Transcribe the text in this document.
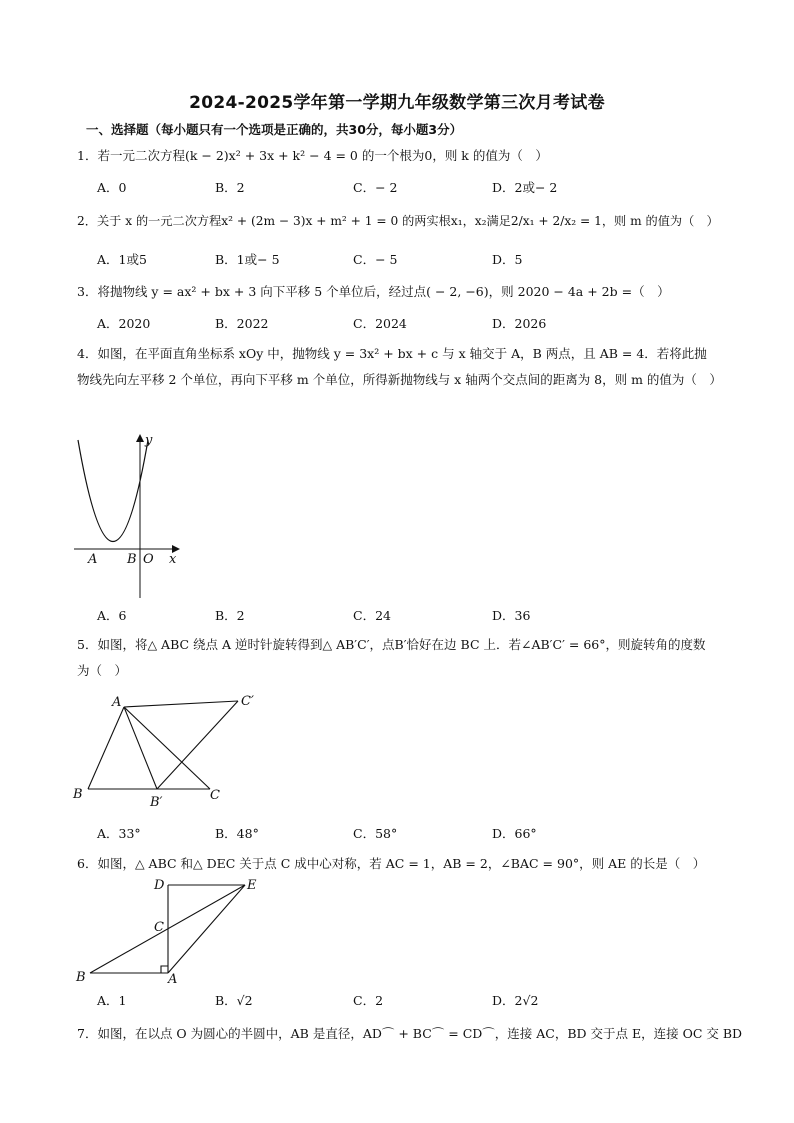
2024-2025学年第一学期九年级数学第三次月考试卷
一、选择题（每小题只有一个选项是正确的，共30分，每小题3分）
1．若一元二次方程(k − 2)x² + 3x + k² − 4 = 0 的一个根为0，则 k 的值为（　）
A．0	B．2	C．− 2	D．2或− 2
2．关于 x 的一元二次方程x² + (2m − 3)x + m² + 1 = 0 的两实根x₁，x₂满足2/x₁ + 2/x₂ = 1，则 m 的值为（　）
A．1或5	B．1或− 5	C．− 5	D．5
3．将抛物线 y = ax² + bx + 3 向下平移 5 个单位后，经过点( − 2, −6)，则 2020 − 4a + 2b =（　）
A．2020	B．2022	C．2024	D．2026
4．如图，在平面直角坐标系 xOy 中，抛物线 y = 3x² + bx + c 与 x 轴交于 A，B 两点，且 AB = 4．若将此抛物线先向左平移 2 个单位，再向下平移 m 个单位，所得新抛物线与 x 轴两个交点间的距离为 8，则 m 的值为（　）
y
x
A B O
A．6	B．2	C．24	D．36
5．如图，将△ ABC 绕点 A 逆时针旋转得到△ AB′C′，点B′恰好在边 BC 上．若∠AB′C′ = 66°，则旋转角的度数为（　）
A
B	C
B′
C′
A．33°	B．48°	C．58°	D．66°
6．如图，△ ABC 和△ DEC 关于点 C 成中心对称，若 AC = 1，AB = 2，∠BAC = 90°，则 AE 的长是（　）
D	E
C
B	A
A．1	B．√2	C．2	D．2√2
7．如图，在以点 O 为圆心的半圆中，AB 是直径，AD⌒ + BC⌒ = CD⌒，连接 AC，BD 交于点 E，连接 OC 交 BD
